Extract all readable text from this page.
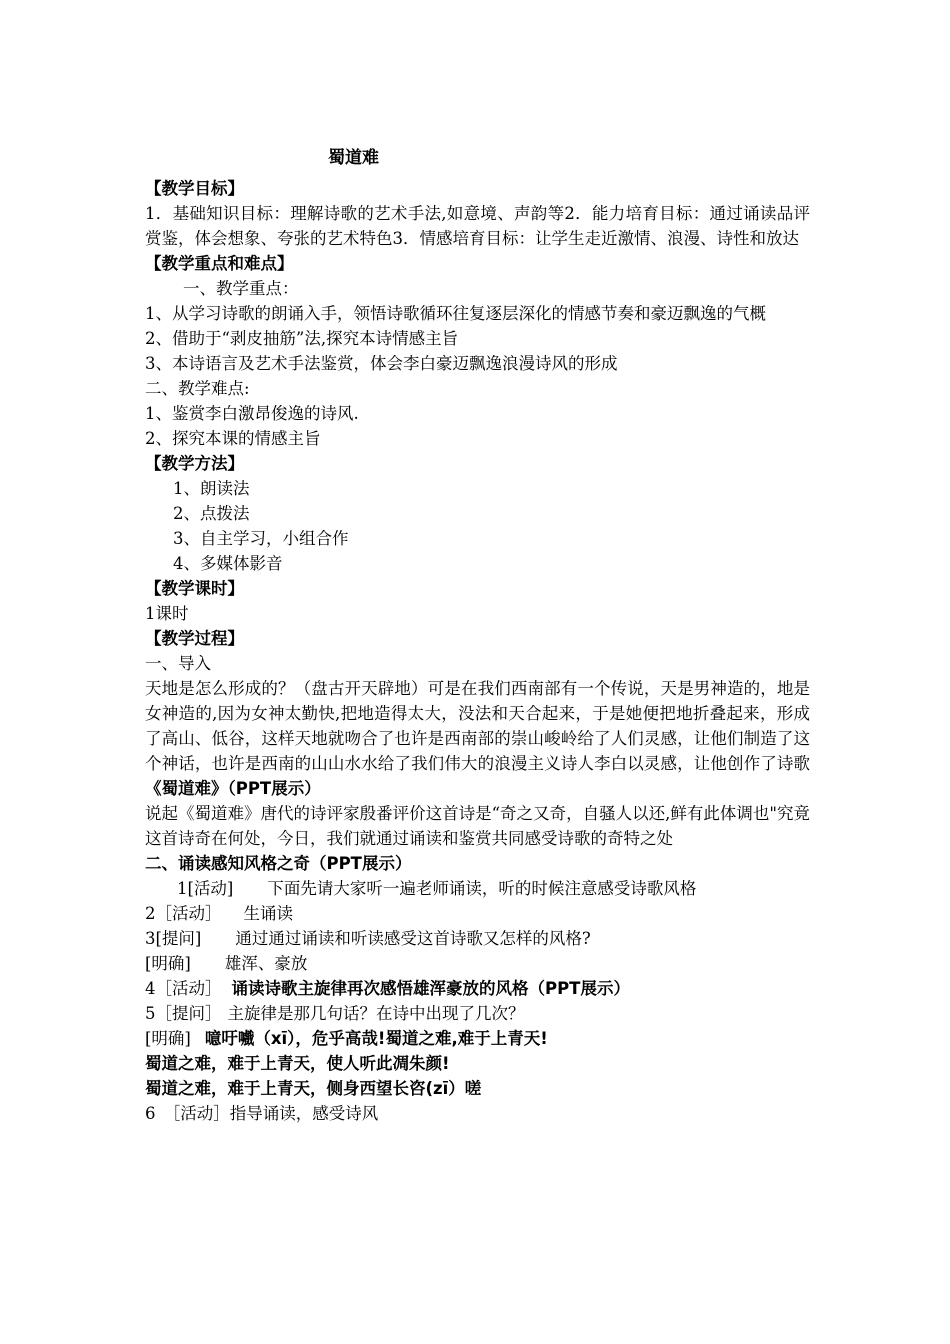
蜀道难

【教学目标】

1．基础知识目标：理解诗歌的艺术手法,如意境、声韵等2．能力培育目标：通过诵读品评赏鉴，体会想象、夸张的艺术特色3．情感培育目标：让学生走近激情、浪漫、诗性和放达

【教学重点和难点】

一、教学重点：

1、从学习诗歌的朗诵入手，领悟诗歌循环往复逐层深化的情感节奏和豪迈飘逸的气概

2、借助于“剥皮抽筋”法,探究本诗情感主旨

3、本诗语言及艺术手法鉴赏，体会李白豪迈飘逸浪漫诗风的形成

二、教学难点:

1、鉴赏李白激昂俊逸的诗风.

2、探究本课的情感主旨

【教学方法】

1、朗读法

2、点拨法

3、自主学习，小组合作

4、多媒体影音

【教学课时】

1课时

【教学过程】

一、导入

天地是怎么形成的？（盘古开天辟地）可是在我们西南部有一个传说，天是男神造的，地是女神造的,因为女神太勤快,把地造得太大，没法和天合起来，于是她便把地折叠起来，形成了高山、低谷，这样天地就吻合了也许是西南部的崇山峻岭给了人们灵感，让他们制造了这个神话，也许是西南的山山水水给了我们伟大的浪漫主义诗人李白以灵感，让他创作了诗歌《蜀道难》（PPT展示）

说起《蜀道难》唐代的诗评家殷番评价这首诗是“奇之又奇，自骚人以还,鲜有此体调也"究竟这首诗奇在何处，今日，我们就通过诵读和鉴赏共同感受诗歌的奇特之处

二、诵读感知风格之奇（PPT展示）

1[活动] 下面先请大家听一遍老师诵读，听的时候注意感受诗歌风格

2［活动］ 生诵读

3[提问] 通过通过诵读和听读感受这首诗歌又怎样的风格?

[明确] 雄浑、豪放

4［活动］ 诵读诗歌主旋律再次感悟雄浑豪放的风格（PPT展示）

5［提问］ 主旋律是那几句话？在诗中出现了几次？

[明确] 噫吁嚱（xī），危乎高哉!蜀道之难,难于上青天!

蜀道之难，难于上青天，使人听此凋朱颜!

蜀道之难，难于上青天，侧身西望长咨(zī）嗟

6　［活动］指导诵读，感受诗风
